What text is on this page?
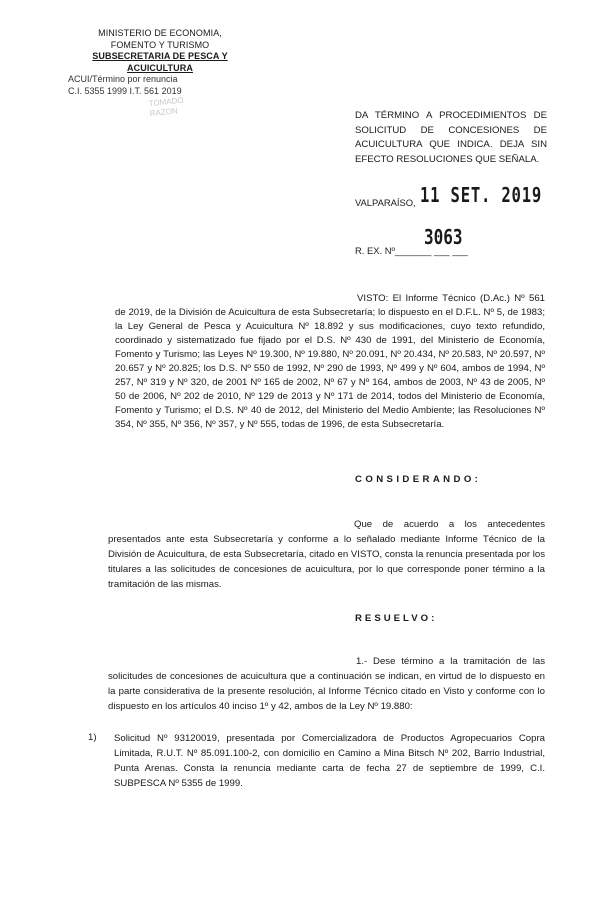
MINISTERIO DE ECONOMIA,
FOMENTO Y TURISMO
SUBSECRETARIA DE PESCA Y ACUICULTURA
ACUI/Término por renuncia
C.I. 5355 1999 I.T. 561 2019
TOMADO
RAZON	DA TÉRMINO A PROCEDIMIENTOS DE SOLICITUD DE CONCESIONES DE ACUICULTURA QUE INDICA. DEJA SIN EFECTO RESOLUCIONES QUE SEÑALA.
VALPARAÍSO, 11 SET. 2019
R. EX. Nº_______ ___ ___
3063
VISTO: El Informe Técnico (D.Ac.) Nº 561 de 2019, de la División de Acuicultura de esta Subsecretaría; lo dispuesto en el D.F.L. Nº 5, de 1983; la Ley General de Pesca y Acuicultura Nº 18.892 y sus modificaciones, cuyo texto refundido, coordinado y sistematizado fue fijado por el D.S. Nº 430 de 1991, del Ministerio de Economía, Fomento y Turismo; las Leyes Nº 19.300, Nº 19.880, Nº 20.091, Nº 20.434, Nº 20.583, Nº 20.597, Nº 20.657 y Nº 20.825; los D.S. Nº 550 de 1992, Nº 290 de 1993, Nº 499 y Nº 604, ambos de 1994, Nº 257, Nº 319 y Nº 320, de 2001 Nº 165 de 2002, Nº 67 y Nº 164, ambos de 2003, Nº 43 de 2005, Nº 50 de 2006, Nº 202 de 2010, Nº 129 de 2013 y Nº 171 de 2014, todos del Ministerio de Economía, Fomento y Turismo; el D.S. Nº 40 de 2012, del Ministerio del Medio Ambiente; las Resoluciones Nº 354, Nº 355, Nº 356, Nº 357, y Nº 555, todas de 1996, de esta Subsecretaría.
CONSIDERANDO:
Que de acuerdo a los antecedentes presentados ante esta Subsecretaría y conforme a lo señalado mediante Informe Técnico de la División de Acuicultura, de esta Subsecretaría, citado en VISTO, consta la renuncia presentada por los titulares a las solicitudes de concesiones de acuicultura, por lo que corresponde poner término a la tramitación de las mismas.
RESUELVO:
1.- Dese término a la tramitación de las solicitudes de concesiones de acuicultura que a continuación se indican, en virtud de lo dispuesto en la parte considerativa de la presente resolución, al Informe Técnico citado en Visto y conforme con lo dispuesto en los artículos 40 inciso 1º y 42, ambos de la Ley Nº 19.880:
1) Solicitud Nº 93120019, presentada por Comercializadora de Productos Agropecuarios Copra Limitada, R.U.T. Nº 85.091.100-2, con domicilio en Camino a Mina Bitsch Nº 202, Barrio Industrial, Punta Arenas. Consta la renuncia mediante carta de fecha 27 de septiembre de 1999, C.I. SUBPESCA Nº 5355 de 1999.
